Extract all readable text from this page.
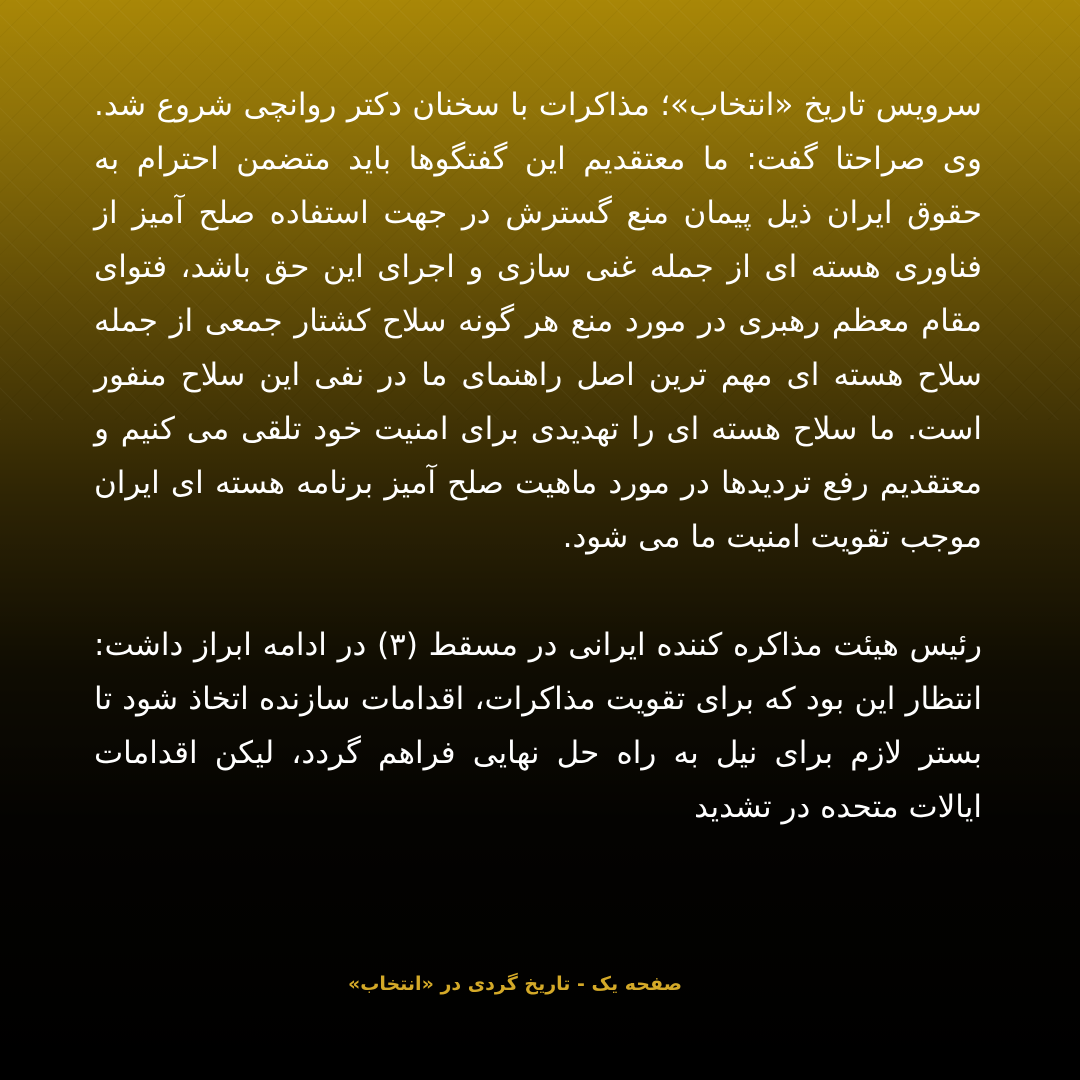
سرویس تاریخ «انتخاب»؛ مذاکرات با سخنان دکتر روانچی شروع شد. وی صراحتا گفت: ما معتقدیم این گفتگوها باید متضمن احترام به حقوق ایران ذیل پیمان منع گسترش در جهت استفاده صلح آمیز از فناوری هسته ای از جمله غنی سازی و اجرای این حق باشد، فتوای مقام معظم رهبری در مورد منع هر گونه سلاح کشتار جمعی از جمله سلاح هسته ای مهم ترین اصل راهنمای ما در نفی این سلاح منفور است. ما سلاح هسته ای را تهدیدی برای امنیت خود تلقی می کنیم و معتقدیم رفع تردیدها در مورد ماهیت صلح آمیز برنامه هسته ای ایران موجب تقویت امنیت ما می شود.

رئیس هیئت مذاکره کننده ایرانی در مسقط (۳) در ادامه ابراز داشت: انتظار این بود که برای تقویت مذاکرات، اقدامات سازنده اتخاذ شود تا بستر لازم برای نیل به راه حل نهایی فراهم گردد، لیکن اقدامات ایالات متحده در تشدید

صفحه یک - تاریخ گردی در «انتخاب»
